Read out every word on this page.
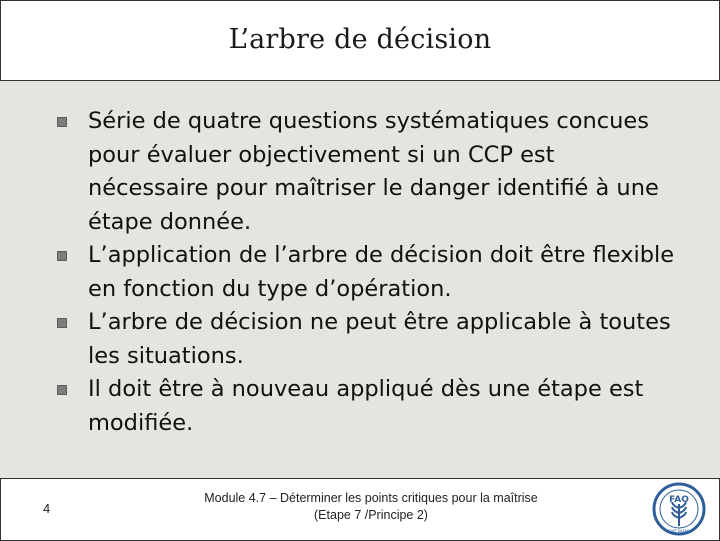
L’arbre de décision
Série de quatre questions systématiques concues pour évaluer objectivement si un CCP est nécessaire pour maîtriser le danger identifié à une étape donnée.
L’application de l’arbre de décision doit être flexible en fonction du type d’opération.
L’arbre de décision ne peut être applicable à toutes les situations.
Il doit être à nouveau appliqué dès une étape est modifiée.
4
Module 4.7 – Déterminer les points critiques pour la maîtrise
(Etape 7 /Principe 2)
FAO
FIAT PANIS
